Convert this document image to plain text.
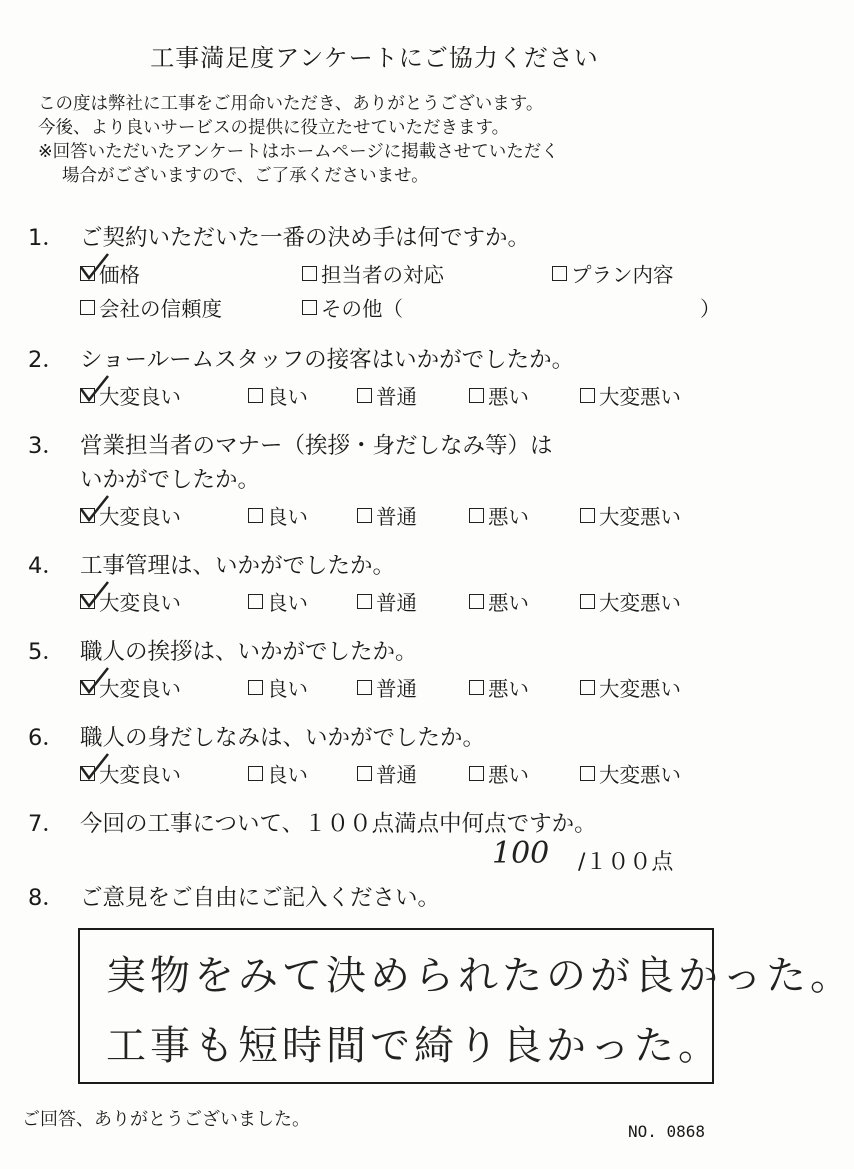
工事満足度アンケートにご協力ください
この度は弊社に工事をご用命いただき、ありがとうございます。
今後、より良いサービスの提供に役立たせていただきます。
※回答いただいたアンケートはホームページに掲載させていただく
場合がございますので、ご了承くださいませ。
1． ご契約いただいた一番の決め手は何ですか。
価格	担当者の対応	プラン内容
会社の信頼度	その他（	）
2． ショールームスタッフの接客はいかがでしたか。
3． 営業担当者のマナー（挨拶・身だしなみ等）は
いかがでしたか。
4． 工事管理は、いかがでしたか。
5． 職人の挨拶は、いかがでしたか。
6． 職人の身だしなみは、いかがでしたか。
7． 今回の工事について、１００点満点中何点ですか。
100 /１００点
8． ご意見をご自由にご記入ください。
実物をみて決められたのが良かった。
工事も短時間で綺り良かった。
ご回答、ありがとうございました。
NO. 0868
大変良い	良い	普通	悪い	大変悪い
大変良い	良い	普通	悪い	大変悪い
大変良い	良い	普通	悪い	大変悪い
大変良い	良い	普通	悪い	大変悪い
大変良い	良い	普通	悪い	大変悪い
